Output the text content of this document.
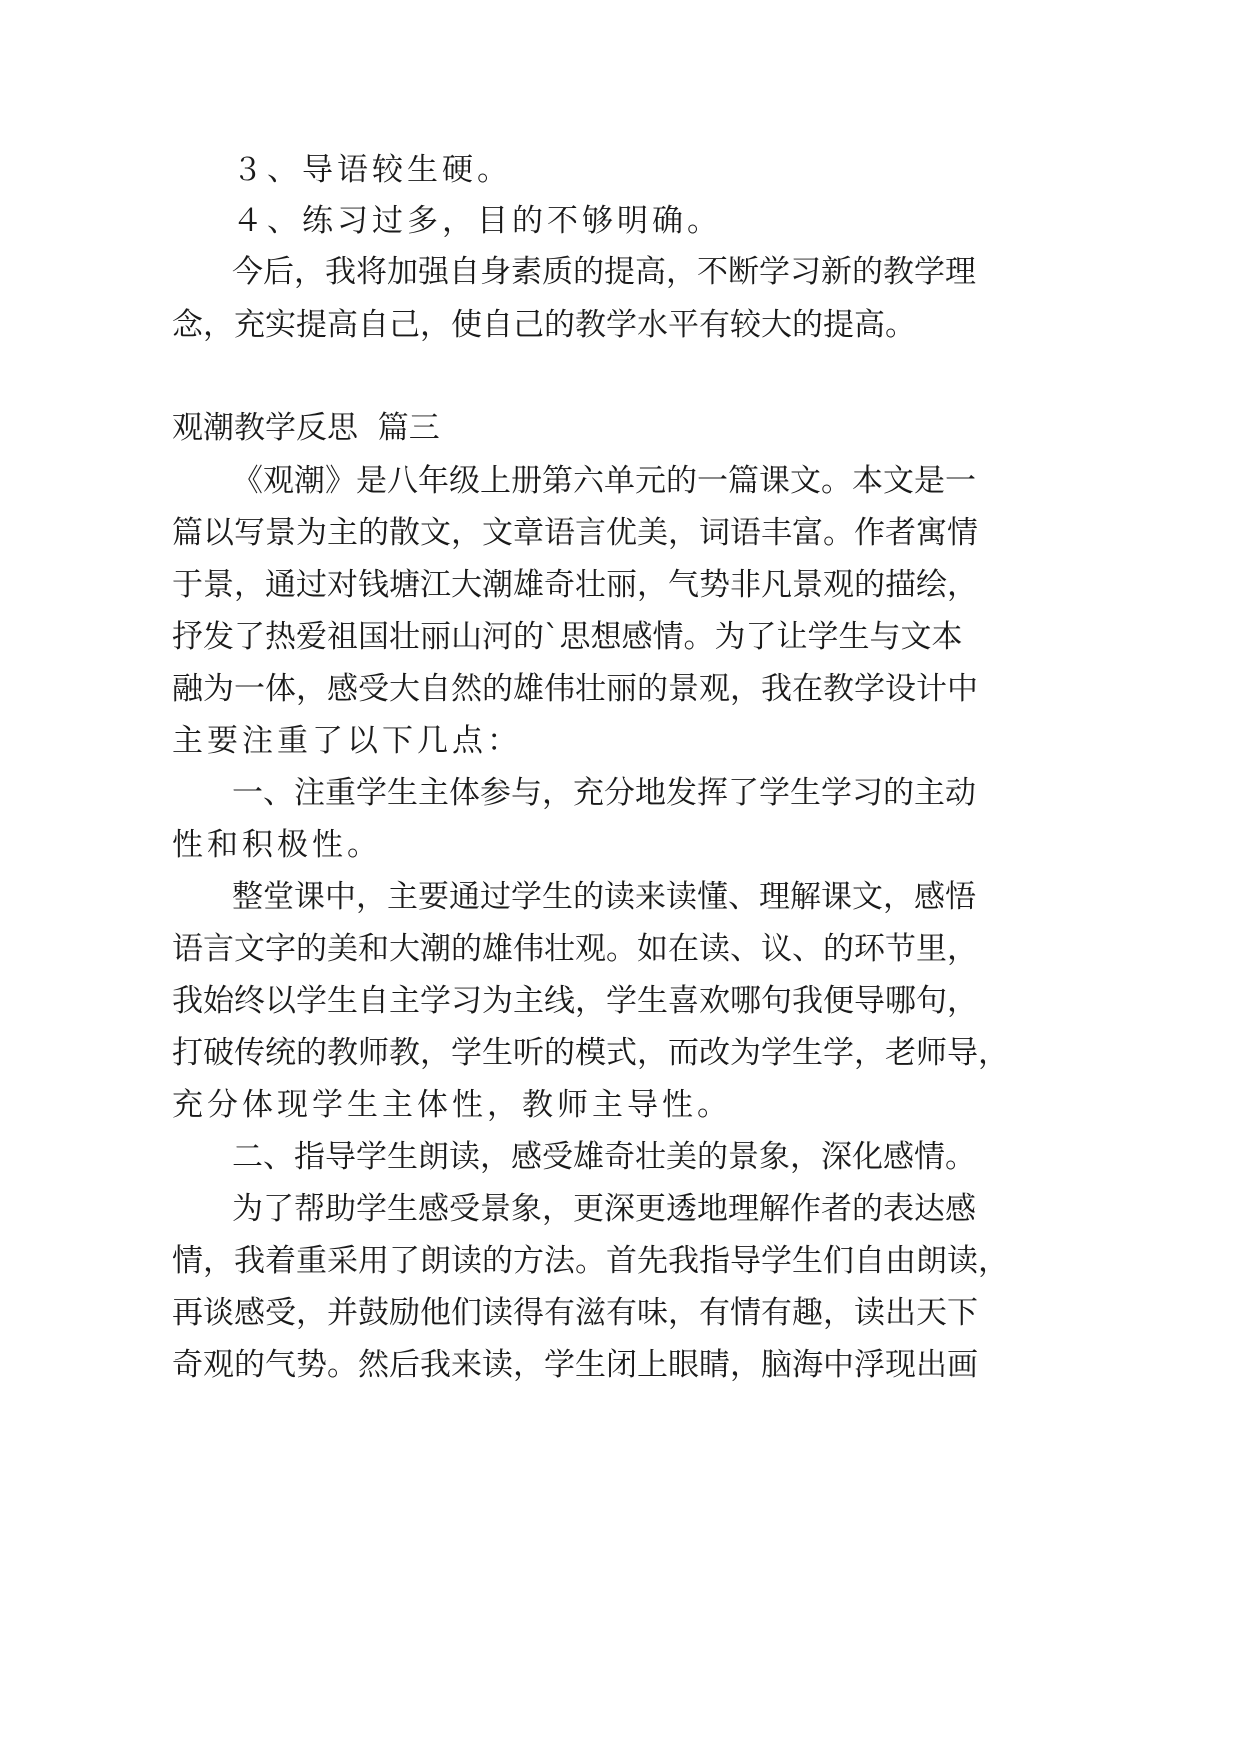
３、导语较生硬。
４、练习过多，目的不够明确。
今后，我将加强自身素质的提高，不断学习新的教学理
念，充实提高自己，使自己的教学水平有较大的提高。
观潮教学反思  篇三
《观潮》是八年级上册第六单元的一篇课文。本文是一
篇以写景为主的散文，文章语言优美，词语丰富。作者寓情
于景，通过对钱塘江大潮雄奇壮丽，气势非凡景观的描绘，
抒发了热爱祖国壮丽山河的`思想感情。为了让学生与文本
融为一体，感受大自然的雄伟壮丽的景观，我在教学设计中
主要注重了以下几点：
一、注重学生主体参与，充分地发挥了学生学习的主动
性和积极性。
整堂课中，主要通过学生的读来读懂、理解课文，感悟
语言文字的美和大潮的雄伟壮观。如在读、议、的环节里，
我始终以学生自主学习为主线，学生喜欢哪句我便导哪句，
打破传统的教师教，学生听的模式，而改为学生学，老师导，
充分体现学生主体性，教师主导性。
二、指导学生朗读，感受雄奇壮美的景象，深化感情。
为了帮助学生感受景象，更深更透地理解作者的表达感
情，我着重采用了朗读的方法。首先我指导学生们自由朗读，
再谈感受，并鼓励他们读得有滋有味，有情有趣，读出天下
奇观的气势。然后我来读，学生闭上眼睛，脑海中浮现出画
